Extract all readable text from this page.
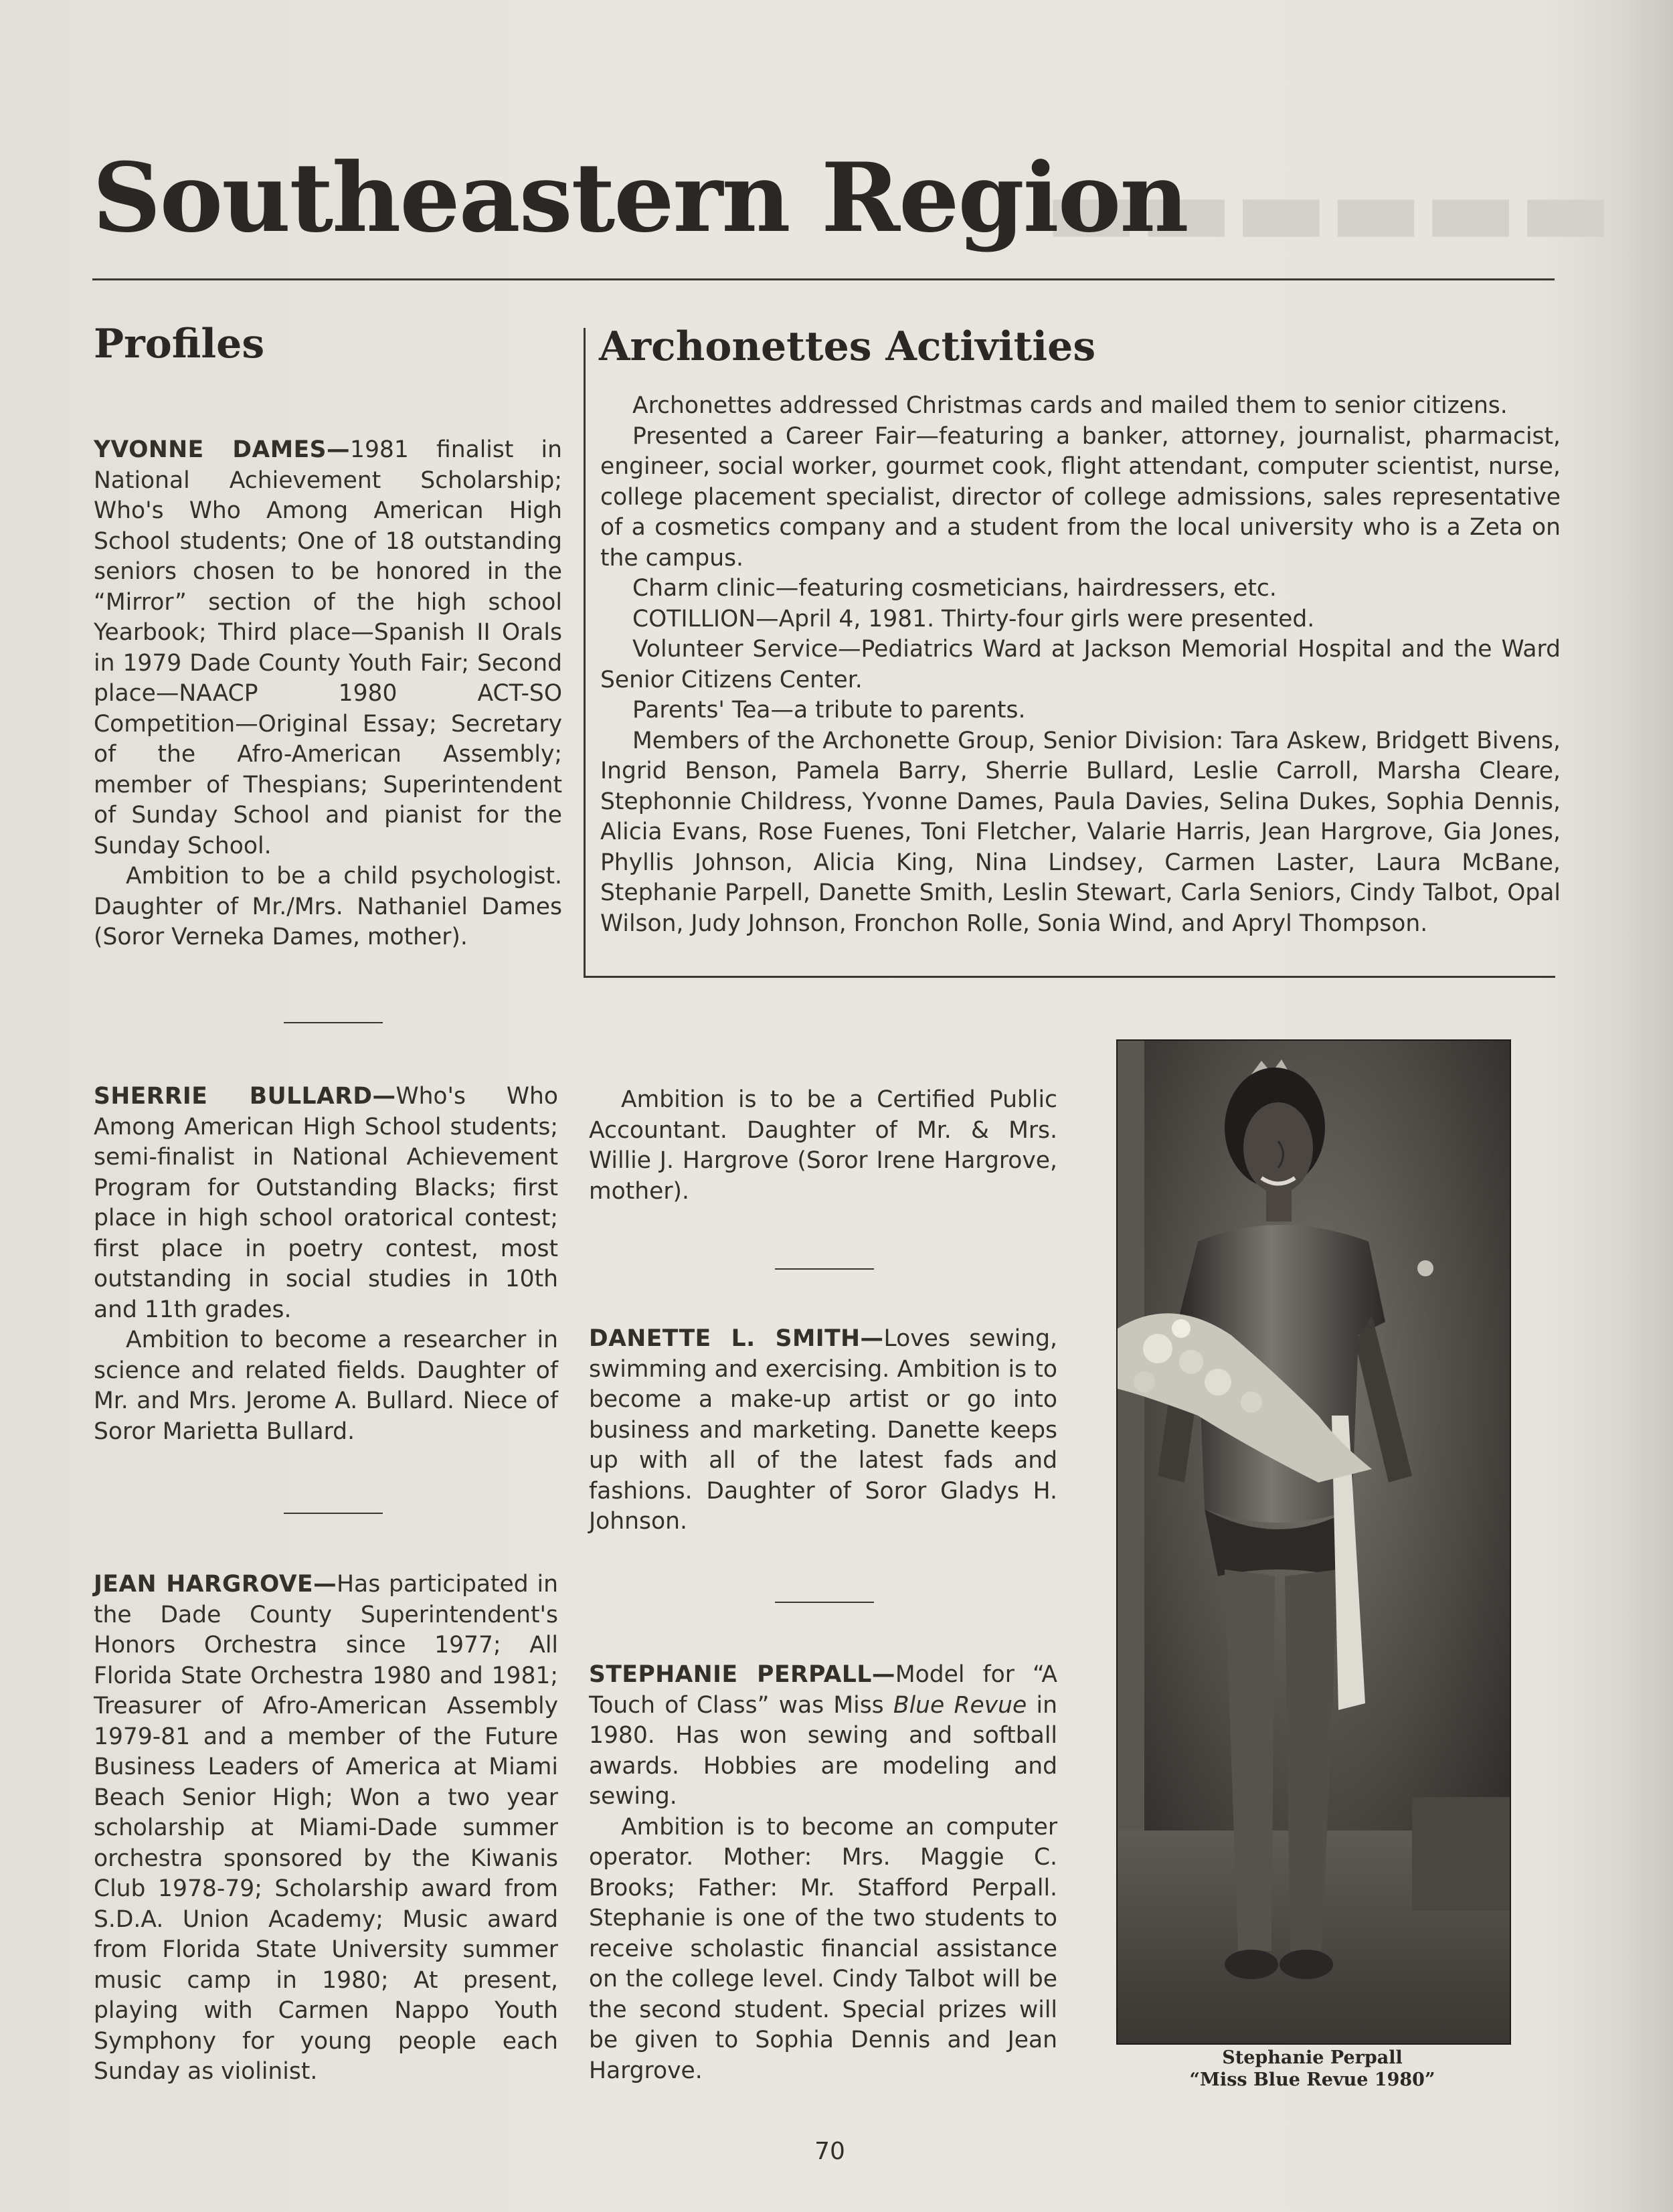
▬▬▬▬▬▬
Southeastern Region
Profiles

YVONNE DAMES—1981 finalist in National Achievement Scholarship; Who's Who Among American High School students; One of 18 outstanding seniors chosen to be honored in the “Mirror” section of the high school Yearbook; Third place—Spanish II Orals in 1979 Dade County Youth Fair; Second place—NAACP 1980 ACT-SO Competition—Original Essay; Secretary of the Afro-American Assembly; member of Thespians; Superintendent of Sunday School and pianist for the Sunday School.

Ambition to be a child psychologist. Daughter of Mr./Mrs. Nathaniel Dames (Soror Verneka Dames, mother).

Archonettes Activities

Archonettes addressed Christmas cards and mailed them to senior citizens.

Presented a Career Fair—featuring a banker, attorney, journalist, pharmacist, engineer, social worker, gourmet cook, flight attendant, computer scientist, nurse, college placement specialist, director of college admissions, sales representative of a cosmetics company and a student from the local university who is a Zeta on the campus.

Charm clinic—featuring cosmeticians, hairdressers, etc.

COTILLION—April 4, 1981. Thirty-four girls were presented.

Volunteer Service—Pediatrics Ward at Jackson Memorial Hospital and the Ward Senior Citizens Center.

Parents' Tea—a tribute to parents.

Members of the Archonette Group, Senior Division: Tara Askew, Bridgett Bivens, Ingrid Benson, Pamela Barry, Sherrie Bullard, Leslie Carroll, Marsha Cleare, Stephonnie Childress, Yvonne Dames, Paula Davies, Selina Dukes, Sophia Dennis, Alicia Evans, Rose Fuenes, Toni Fletcher, Valarie Harris, Jean Hargrove, Gia Jones, Phyllis Johnson, Alicia King, Nina Lindsey, Carmen Laster, Laura McBane, Stephanie Parpell, Danette Smith, Leslin Stewart, Carla Seniors, Cindy Talbot, Opal Wilson, Judy Johnson, Fronchon Rolle, Sonia Wind, and Apryl Thompson.

SHERRIE BULLARD—Who's Who Among American High School students; semi-finalist in National Achievement Program for Outstanding Blacks; first place in high school oratorical contest; first place in poetry contest, most outstanding in social studies in 10th and 11th grades.

Ambition to become a researcher in science and related fields. Daughter of Mr. and Mrs. Jerome A. Bullard. Niece of Soror Marietta Bullard.

JEAN HARGROVE—Has participated in the Dade County Superintendent's Honors Orchestra since 1977; All Florida State Orchestra 1980 and 1981; Treasurer of Afro-American Assembly 1979-81 and a member of the Future Business Leaders of America at Miami Beach Senior High; Won a two year scholarship at Miami-Dade summer orchestra sponsored by the Kiwanis Club 1978-79; Scholarship award from S.D.A. Union Academy; Music award from Florida State University summer music camp in 1980; At present, playing with Carmen Nappo Youth Symphony for young people each Sunday as violinist.

Ambition is to be a Certified Public Accountant. Daughter of Mr. & Mrs. Willie J. Hargrove (Soror Irene Hargrove, mother).

DANETTE L. SMITH—Loves sewing, swimming and exercising. Ambition is to become a make-up artist or go into business and marketing. Danette keeps up with all of the latest fads and fashions. Daughter of Soror Gladys H. Johnson.

STEPHANIE PERPALL—Model for “A Touch of Class” was Miss Blue Revue in 1980. Has won sewing and softball awards. Hobbies are modeling and sewing.

Ambition is to become an computer operator. Mother: Mrs. Maggie C. Brooks; Father: Mr. Stafford Perpall. Stephanie is one of the two students to receive scholastic financial assistance on the college level. Cindy Talbot will be the second student. Special prizes will be given to Sophia Dennis and Jean Hargrove.	Stephanie Perpall
“Miss Blue Revue 1980”
70
